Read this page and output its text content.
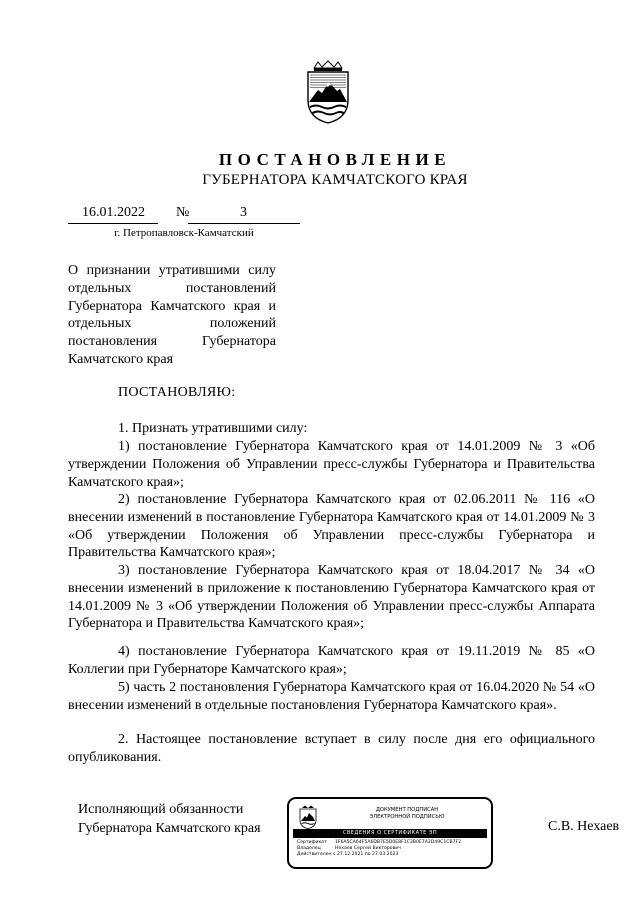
ПОСТАНОВЛЕНИЕ
ГУБЕРНАТОРА КАМЧАТСКОГО КРАЯ
16.01.2022 №	3
г. Петропавловск-Камчатский
О признании утратившими силу отдельных постановлений Губернатора Камчатского края и отдельных положений постановления Губернатора Камчатского края
ПОСТАНОВЛЯЮ:
1. Признать утратившими силу:
1) постановление Губернатора Камчатского края от 14.01.2009 № 3 «Об утверждении Положения об Управлении пресс-службы Губернатора и Правительства Камчатского края»;
2) постановление Губернатора Камчатского края от 02.06.2011 № 116 «О внесении изменений в постановление Губернатора Камчатского края от 14.01.2009 № 3 «Об утверждении Положения об Управлении пресс-службы Губернатора и Правительства Камчатского края»;
3) постановление Губернатора Камчатского края от 18.04.2017 № 34 «О внесении изменений в приложение к постановлению Губернатора Камчатского края от 14.01.2009 № 3 «Об утверждении Положения об Управлении пресс-службы Аппарата Губернатора и Правительства Камчатского края»;
4) постановление Губернатора Камчатского края от 19.11.2019 № 85 «О Коллегии при Губернаторе Камчатского края»;
5) часть 2 постановления Губернатора Камчатского края от 16.04.2020 № 54 «О внесении изменений в отдельные постановления Губернатора Камчатского края».
2. Настоящее постановление вступает в силу после дня его официального опубликования.
Исполняющий обязанности
Губернатора Камчатского края
ДОКУМЕНТ ПОДПИСАН
ЭЛЕКТРОННОЙ ПОДПИСЬЮ
СВЕДЕНИЯ О СЕРТИФИКАТЕ ЭП
Сертификат 1F6A5CA64F5A6DB7E5D0E8F1C3B0E7A2D49C1CB7F2
Владелец	Нехаев Сергей Викторович
Действителен с 27.12.2021 по 27.03.2023
С.В. Нехаев
